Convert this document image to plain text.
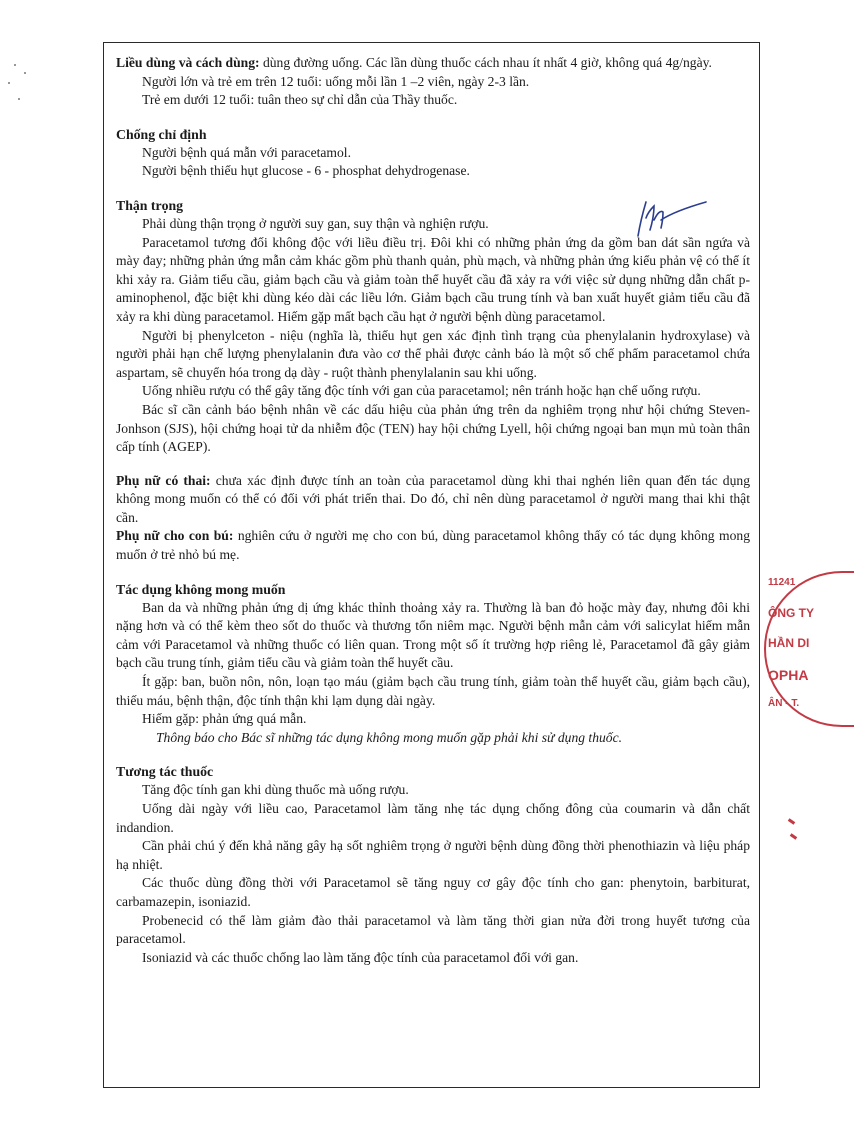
Liều dùng và cách dùng: dùng đường uống. Các lần dùng thuốc cách nhau ít nhất 4 giờ, không quá 4g/ngày.

Người lớn và trẻ em trên 12 tuổi: uống mỗi lần 1 –2 viên, ngày 2-3 lần.

Trẻ em dưới 12 tuổi: tuân theo sự chỉ dẫn của Thầy thuốc.

Chống chỉ định

Người bệnh quá mẫn với paracetamol.

Người bệnh thiếu hụt glucose - 6 - phosphat dehydrogenase.

Thận trọng

Phải dùng thận trọng ở người suy gan, suy thận và nghiện rượu.

Paracetamol tương đối không độc với liều điều trị. Đôi khi có những phản ứng da gồm ban dát sần ngứa và mày đay; những phản ứng mẫn cảm khác gồm phù thanh quản, phù mạch, và những phản ứng kiểu phản vệ có thể ít khi xảy ra. Giảm tiểu cầu, giảm bạch cầu và giảm toàn thể huyết cầu đã xảy ra với việc sử dụng những dẫn chất p-aminophenol, đặc biệt khi dùng kéo dài các liều lớn. Giảm bạch cầu trung tính và ban xuất huyết giảm tiểu cầu đã xảy ra khi dùng paracetamol. Hiếm gặp mất bạch cầu hạt ở người bệnh dùng paracetamol.

Người bị phenylceton - niệu (nghĩa là, thiếu hụt gen xác định tình trạng của phenylalanin hydroxylase) và người phải hạn chế lượng phenylalanin đưa vào cơ thể phải được cảnh báo là một số chế phẩm paracetamol chứa aspartam, sẽ chuyển hóa trong dạ dày - ruột thành phenylalanin sau khi uống.

Uống nhiều rượu có thể gây tăng độc tính với gan của paracetamol; nên tránh hoặc hạn chế uống rượu.

Bác sĩ cần cảnh báo bệnh nhân về các dấu hiệu của phản ứng trên da nghiêm trọng như hội chứng Steven-Jonhson (SJS), hội chứng hoại tử da nhiễm độc (TEN) hay hội chứng Lyell, hội chứng ngoại ban mụn mủ toàn thân cấp tính (AGEP).

Phụ nữ có thai: chưa xác định được tính an toàn của paracetamol dùng khi thai nghén liên quan đến tác dụng không mong muốn có thể có đối với phát triển thai. Do đó, chỉ nên dùng paracetamol ở người mang thai khi thật cần.

Phụ nữ cho con bú: nghiên cứu ở người mẹ cho con bú, dùng paracetamol không thấy có tác dụng không mong muốn ở trẻ nhỏ bú mẹ.

Tác dụng không mong muốn

Ban da và những phản ứng dị ứng khác thỉnh thoảng xảy ra. Thường là ban đỏ hoặc mày đay, nhưng đôi khi nặng hơn và có thể kèm theo sốt do thuốc và thương tổn niêm mạc. Người bệnh mẫn cảm với salicylat hiếm mẫn cảm với Paracetamol và những thuốc có liên quan. Trong một số ít trường hợp riêng lẻ, Paracetamol đã gây giảm bạch cầu trung tính, giảm tiểu cầu và giảm toàn thể huyết cầu.

Ít gặp: ban, buồn nôn, nôn, loạn tạo máu (giảm bạch cầu trung tính, giảm toàn thể huyết cầu, giảm bạch cầu), thiếu máu, bệnh thận, độc tính thận khi lạm dụng dài ngày.

Hiếm gặp: phản ứng quá mẫn.

Thông báo cho Bác sĩ những tác dụng không mong muốn gặp phải khi sử dụng thuốc.

Tương tác thuốc

Tăng độc tính gan khi dùng thuốc mà uống rượu.

Uống dài ngày với liều cao, Paracetamol làm tăng nhẹ tác dụng chống đông của coumarin và dẫn chất indandion.

Cần phải chú ý đến khả năng gây hạ sốt nghiêm trọng ở người bệnh dùng đồng thời phenothiazin và liệu pháp hạ nhiệt.

Các thuốc dùng đồng thời với Paracetamol sẽ tăng nguy cơ gây độc tính cho gan: phenytoin, barbiturat, carbamazepin, isoniazid.

Probenecid có thể làm giảm đào thải paracetamol và làm tăng thời gian nửa đời trong huyết tương của paracetamol.

Isoniazid và các thuốc chống lao làm tăng độc tính của paracetamol đối với gan.

11241
ÔNG TY
HẦN DI
OPHA
ÂN - T.
